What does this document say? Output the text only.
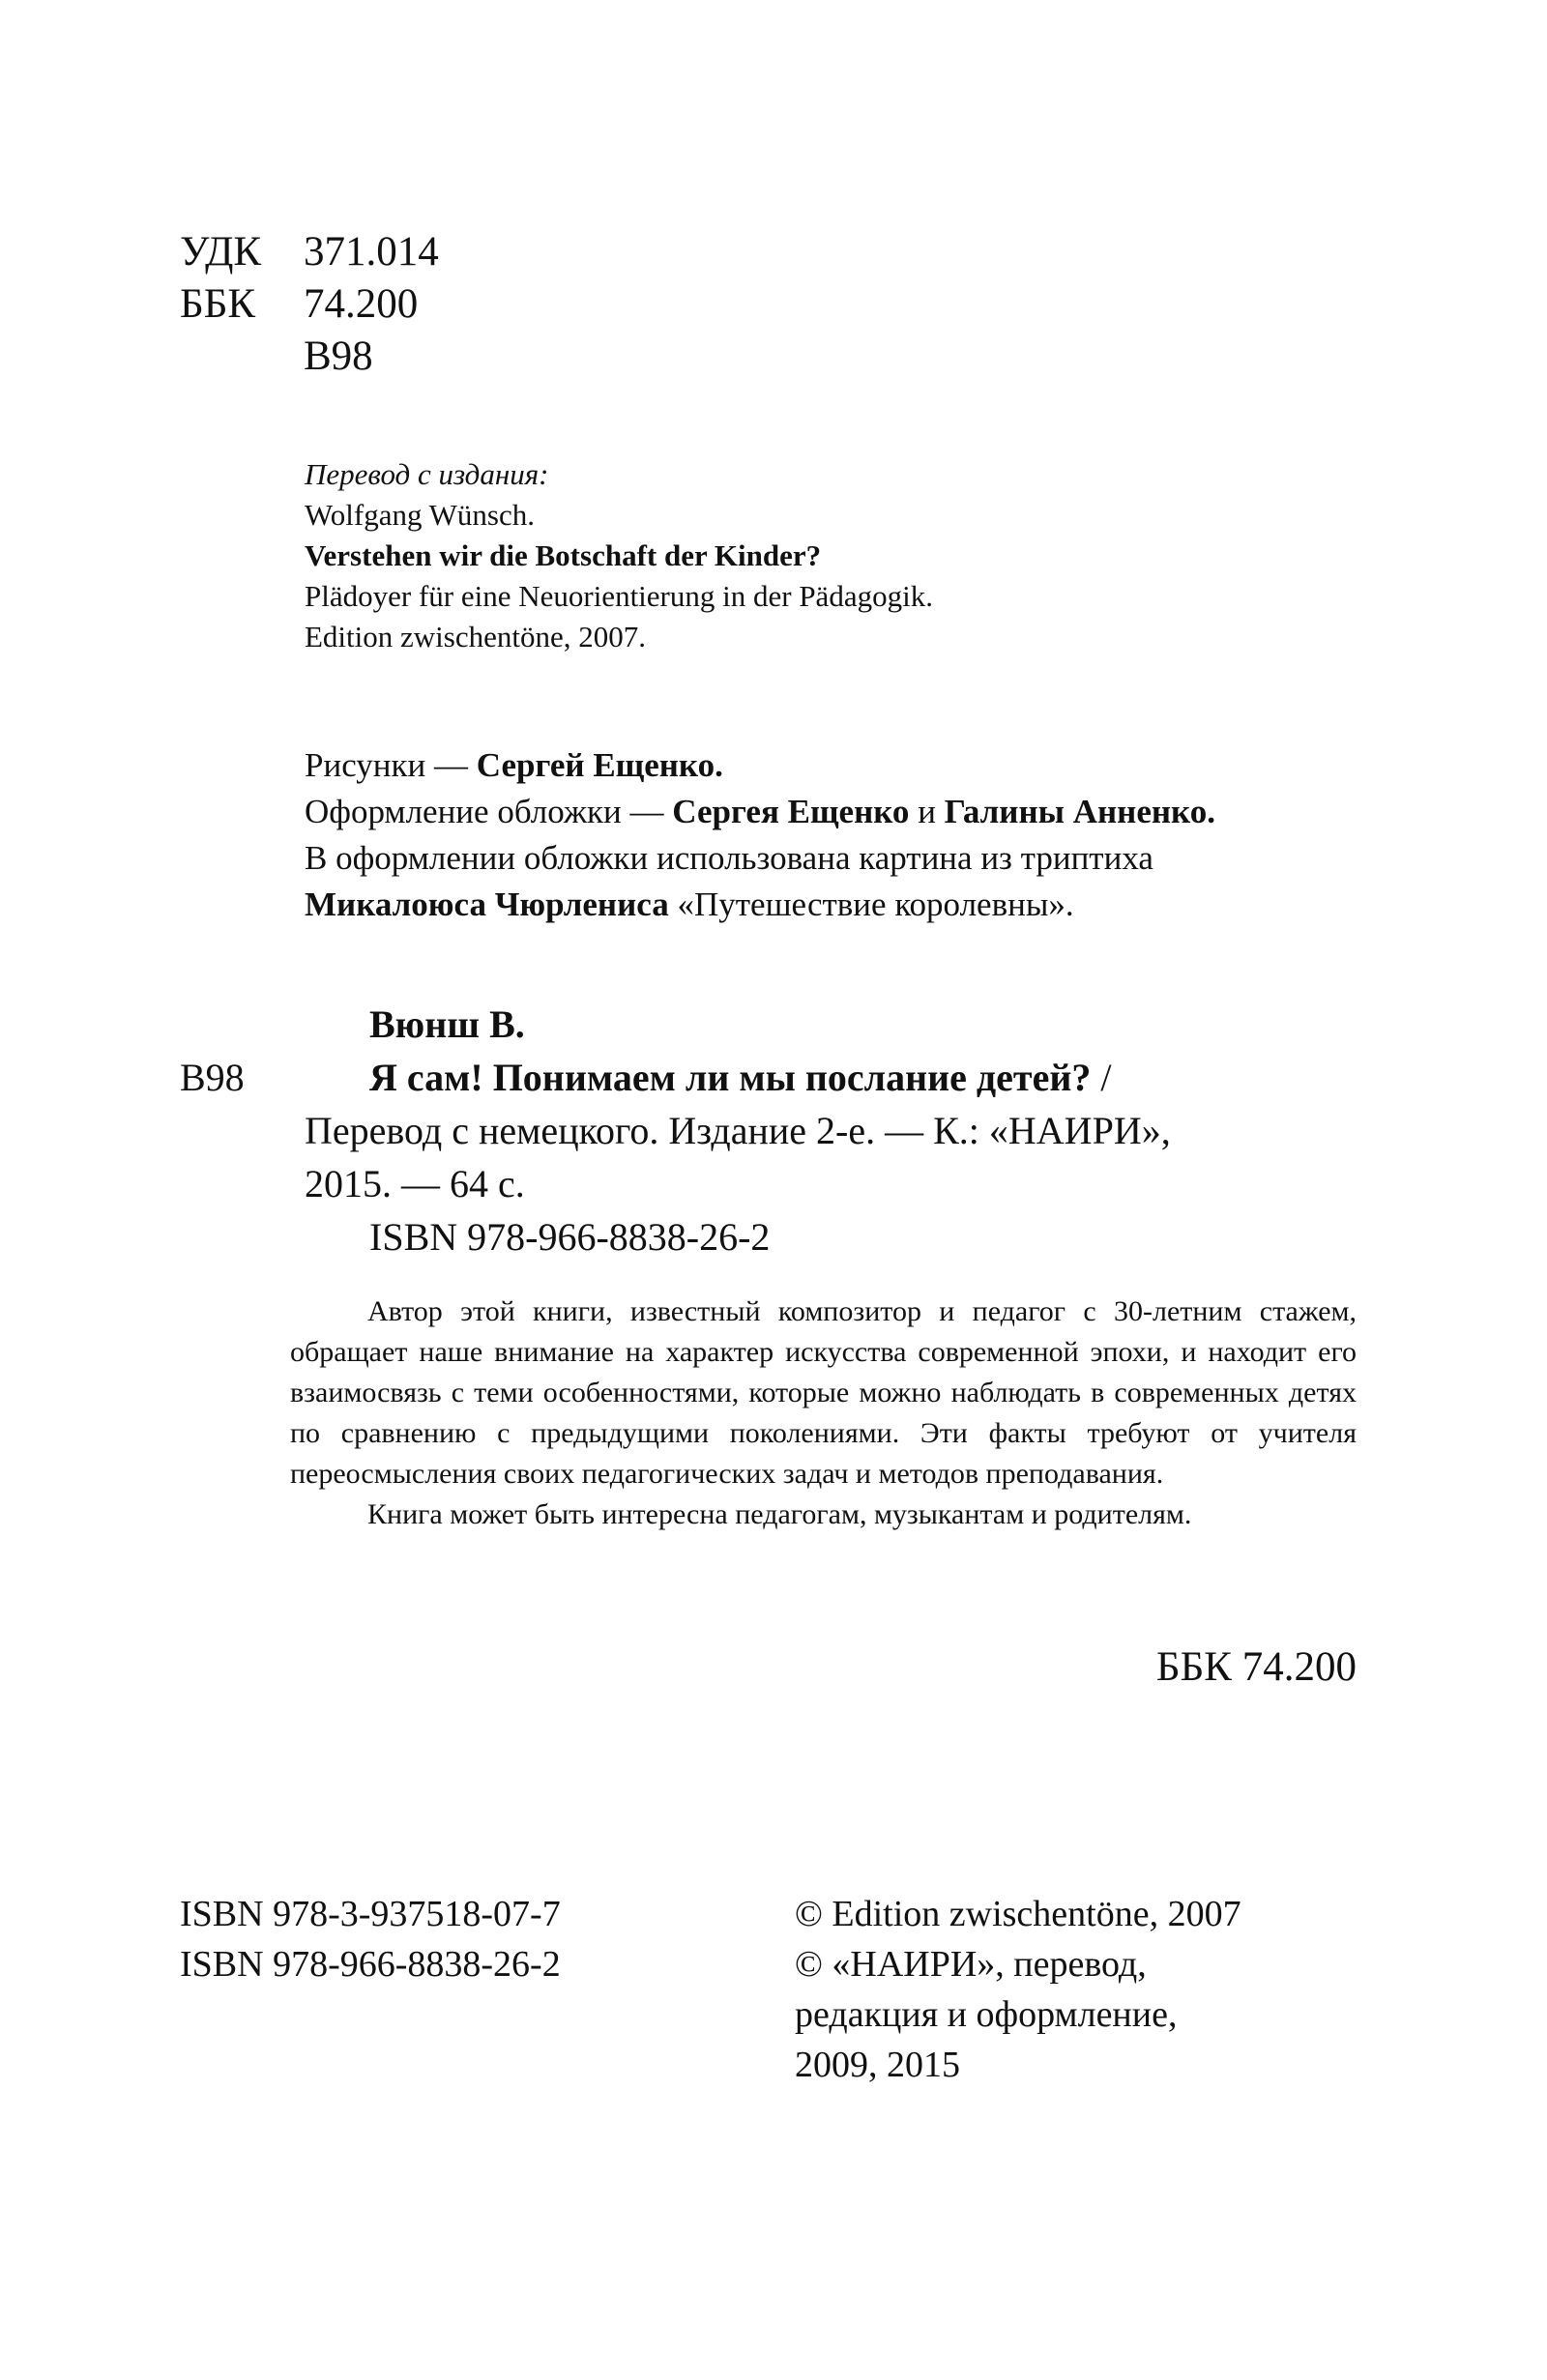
УДК 371.014
ББК 74.200
В98
Перевод с издания:
Wolfgang Wünsch.
Verstehen wir die Botschaft der Kinder?
Plädoyer für eine Neuorientierung in der Pädagogik.
Edition zwischentöne, 2007.
Рисунки — Сергей Ещенко.
Оформление обложки — Сергея Ещенко и Галины Анненко.
В оформлении обложки использована картина из триптиха
Микалоюса Чюрлениса «Путешествие королевны».
Вюнш В.
В98	Я сам! Понимаем ли мы послание детей? /
Перевод с немецкого. Издание 2-е. — К.: «НАИРИ»,
2015. — 64 с.
ISBN 978-966-8838-26-2

Автор этой книги, известный композитор и педагог с 30-летним стажем, обращает наше внимание на характер искусства современной эпохи, и находит его взаимосвязь с теми особенностями, которые можно наблюдать в современных детях по сравнению с предыдущими поколениями. Эти факты требуют от учителя переосмысления своих педагогических задач и методов преподавания.

Книга может быть интересна педагогам, музыкантам и родителям.

ББК 74.200
ISBN 978-3-937518-07-7
ISBN 978-966-8838-26-2
© Edition zwischentöne, 2007
© «НАИРИ», перевод,
редакция и оформление,
2009, 2015
